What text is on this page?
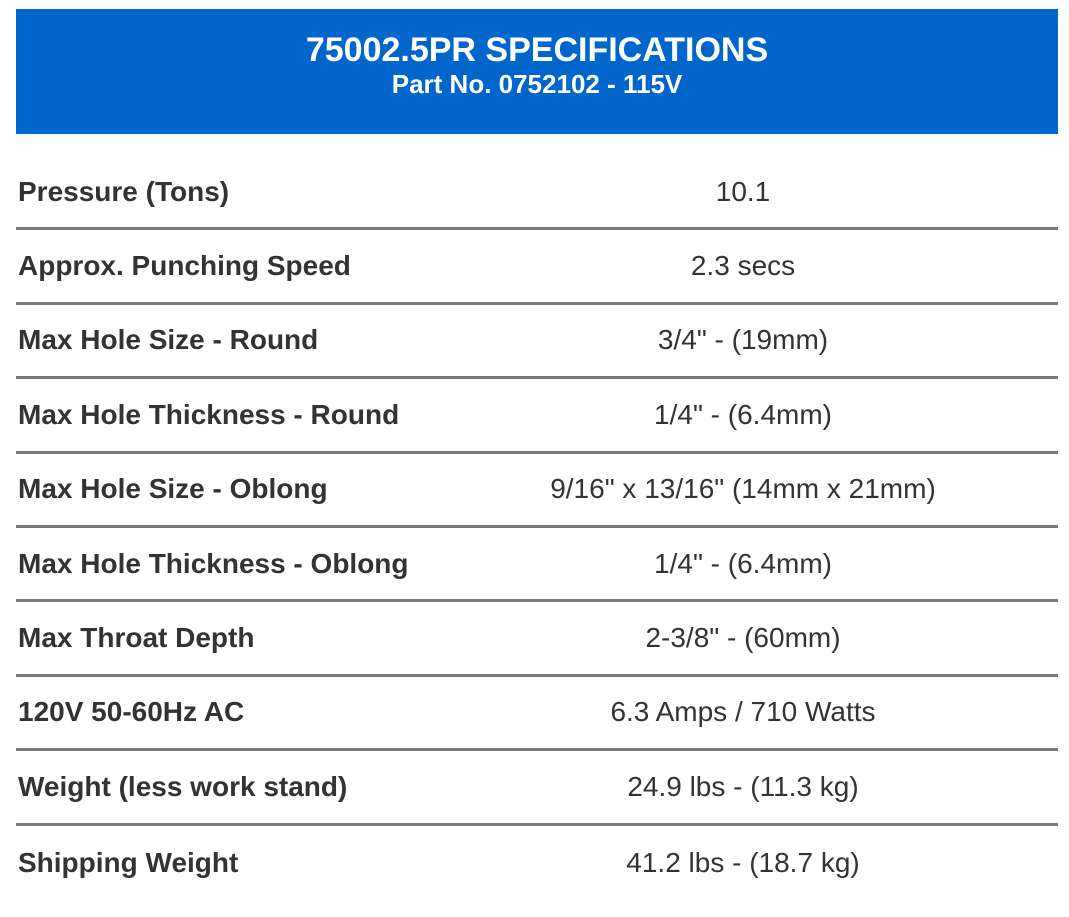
75002.5PR SPECIFICATIONS
Part No. 0752102 - 115V
Pressure (Tons)	10.1
Approx. Punching Speed	2.3 secs
Max Hole Size - Round	3/4" - (19mm)
Max Hole Thickness - Round	1/4" - (6.4mm)
Max Hole Size - Oblong	9/16" x 13/16" (14mm x 21mm)
Max Hole Thickness - Oblong	1/4" - (6.4mm)
Max Throat Depth	2-3/8" - (60mm)
120V 50-60Hz AC	6.3 Amps / 710 Watts
Weight (less work stand)	24.9 lbs - (11.3 kg)
Shipping Weight	41.2 lbs - (18.7 kg)
